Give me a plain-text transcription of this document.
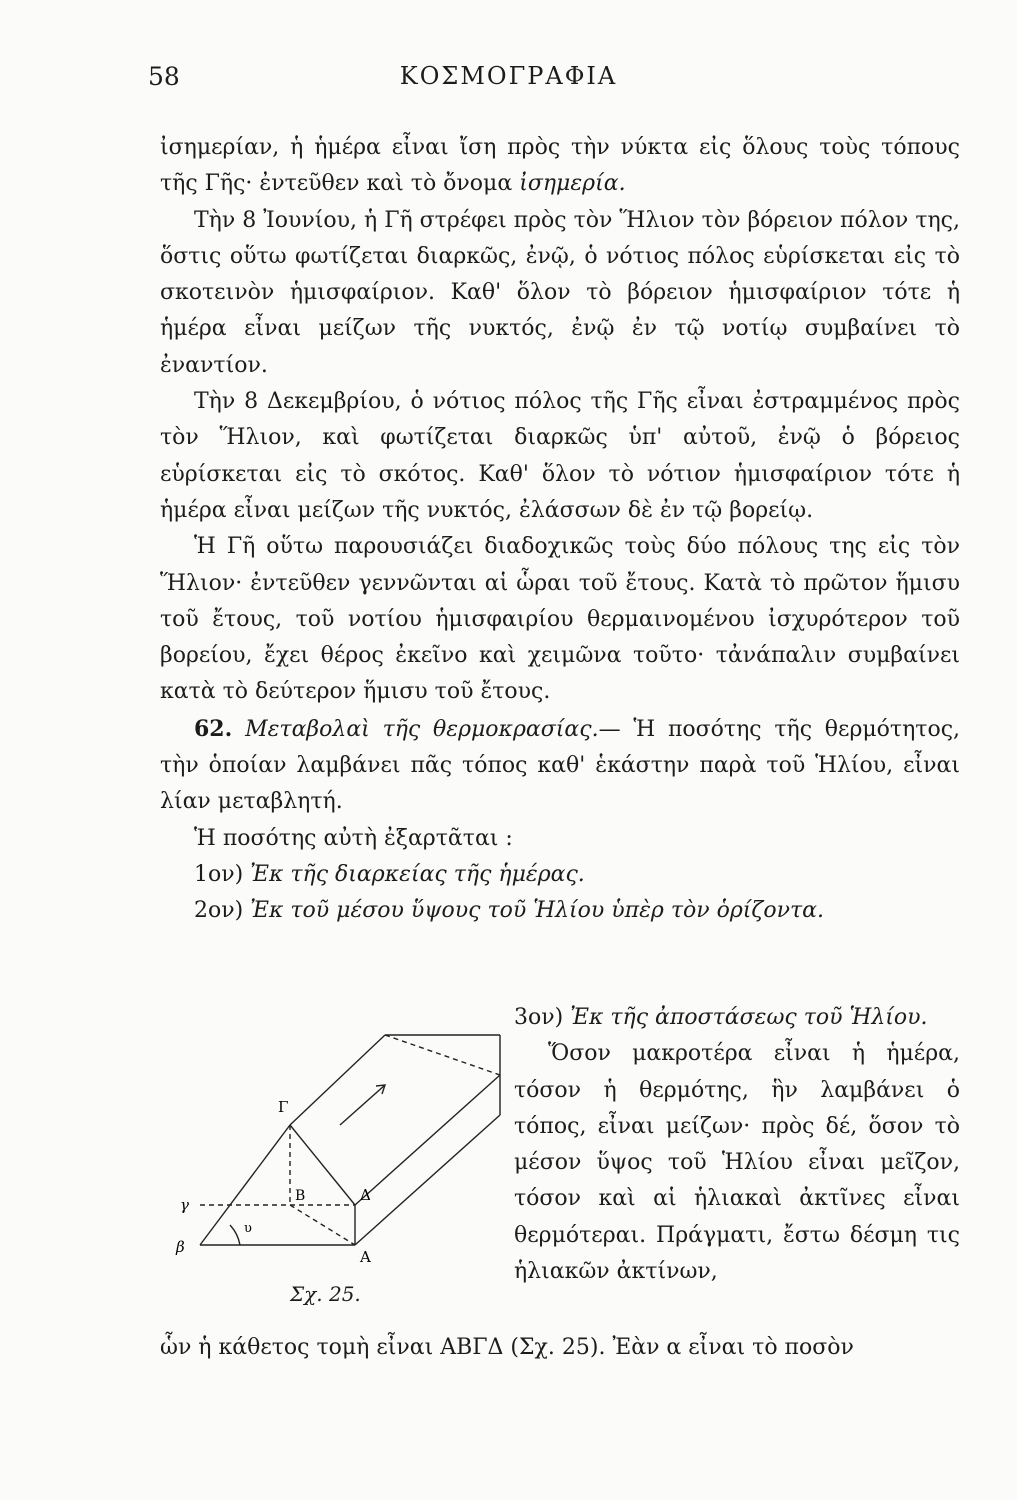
58	ΚΟΣΜΟΓΡΑΦΙΑ

ἰσημερίαν, ἡ ἡμέρα εἶναι ἴση πρὸς τὴν νύκτα εἰς ὅλους τοὺς τόπους τῆς Γῆς· ἐντεῦθεν καὶ τὸ ὄνομα ἰσημερία.

Τὴν 8 Ἰουνίου, ἡ Γῆ στρέφει πρὸς τὸν Ἥλιον τὸν βόρειον πόλον της, ὅστις οὕτω φωτίζεται διαρκῶς, ἐνῷ, ὁ νότιος πόλος εὑρίσκεται εἰς τὸ σκοτεινὸν ἡμισφαίριον. Καθ' ὅλον τὸ βόρειον ἡμισφαίριον τότε ἡ ἡμέρα εἶναι μείζων τῆς νυκτός, ἐνῷ ἐν τῷ νοτίῳ συμβαίνει τὸ ἐναντίον.

Τὴν 8 Δεκεμβρίου, ὁ νότιος πόλος τῆς Γῆς εἶναι ἐστραμμένος πρὸς τὸν Ἥλιον, καὶ φωτίζεται διαρκῶς ὑπ' αὐτοῦ, ἐνῷ ὁ βόρειος εὑρίσκεται εἰς τὸ σκότος. Καθ' ὅλον τὸ νότιον ἡμισφαίριον τότε ἡ ἡμέρα εἶναι μείζων τῆς νυκτός, ἐλάσσων δὲ ἐν τῷ βορείῳ.

Ἡ Γῆ οὕτω παρουσιάζει διαδοχικῶς τοὺς δύο πόλους της εἰς τὸν Ἥλιον· ἐντεῦθεν γεννῶνται αἱ ὧραι τοῦ ἔτους. Κατὰ τὸ πρῶτον ἥμισυ τοῦ ἔτους, τοῦ νοτίου ἡμισφαιρίου θερμαινομένου ἰσχυρότερον τοῦ βορείου, ἔχει θέρος ἐκεῖνο καὶ χειμῶνα τοῦτο· τἀνάπαλιν συμβαίνει κατὰ τὸ δεύτερον ἥμισυ τοῦ ἔτους.

62. Μεταβολαὶ τῆς θερμοκρασίας.— Ἡ ποσότης τῆς θερμότητος, τὴν ὁποίαν λαμβάνει πᾶς τόπος καθ' ἑκάστην παρὰ τοῦ Ἡλίου, εἶναι λίαν μεταβλητή.

Ἡ ποσότης αὐτὴ ἐξαρτᾶται :

1ον) Ἐκ τῆς διαρκείας τῆς ἡμέρας.
2ον) Ἐκ τοῦ μέσου ὕψους τοῦ Ἡλίου ὑπὲρ τὸν ὁρίζοντα.
Γ
B	Δ
A
γ
β
υ
Σχ. 25.

3ον) Ἐκ τῆς ἀποστάσεως τοῦ Ἡλίου.

Ὅσον μακροτέρα εἶναι ἡ ἡμέρα, τόσον ἡ θερμότης, ἣν λαμβάνει ὁ τόπος, εἶναι μείζων· πρὸς δέ, ὅσον τὸ μέσον ὕψος τοῦ Ἡλίου εἶναι μεῖζον, τόσον καὶ αἱ ἡλιακαὶ ἀκτῖνες εἶναι θερμότεραι. Πράγματι, ἔστω δέσμη τις ἡλιακῶν ἀκτίνων,

ὧν ἡ κάθετος τομὴ εἶναι ΑΒΓΔ (Σχ. 25). Ἐὰν α εἶναι τὸ ποσὸν
